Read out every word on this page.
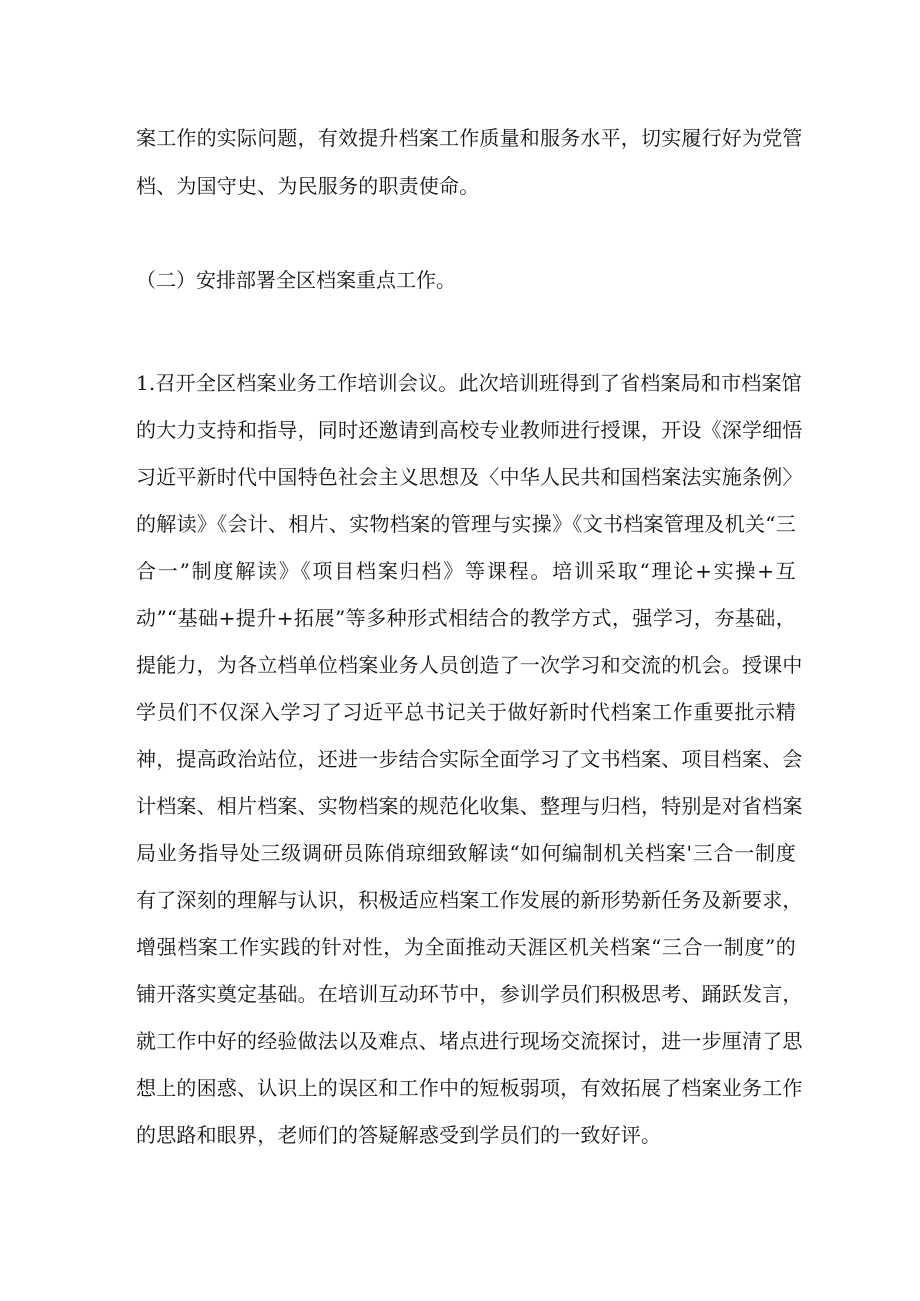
案工作的实际问题，有效提升档案工作质量和服务水平，切实履行好为党管
档、为国守史、为民服务的职责使命。
（二）安排部署全区档案重点工作。
1.召开全区档案业务工作培训会议。此次培训班得到了省档案局和市档案馆
的大力支持和指导，同时还邀请到高校专业教师进行授课，开设《深学细悟
习近平新时代中国特色社会主义思想及〈中华人民共和国档案法实施条例〉
的解读》《会计、相片、实物档案的管理与实操》《文书档案管理及机关“三
合一”制度解读》《项目档案归档》等课程。培训采取“理论+实操+互
动”“基础+提升+拓展”等多种形式相结合的教学方式，强学习，夯基础，
提能力，为各立档单位档案业务人员创造了一次学习和交流的机会。授课中
学员们不仅深入学习了习近平总书记关于做好新时代档案工作重要批示精
神，提高政治站位，还进一步结合实际全面学习了文书档案、项目档案、会
计档案、相片档案、实物档案的规范化收集、整理与归档，特别是对省档案
局业务指导处三级调研员陈俏琼细致解读“如何编制机关档案'三合一制度
有了深刻的理解与认识，积极适应档案工作发展的新形势新任务及新要求，
增强档案工作实践的针对性，为全面推动天涯区机关档案“三合一制度”的
铺开落实奠定基础。在培训互动环节中，参训学员们积极思考、踊跃发言，
就工作中好的经验做法以及难点、堵点进行现场交流探讨，进一步厘清了思
想上的困惑、认识上的误区和工作中的短板弱项，有效拓展了档案业务工作
的思路和眼界，老师们的答疑解惑受到学员们的一致好评。
